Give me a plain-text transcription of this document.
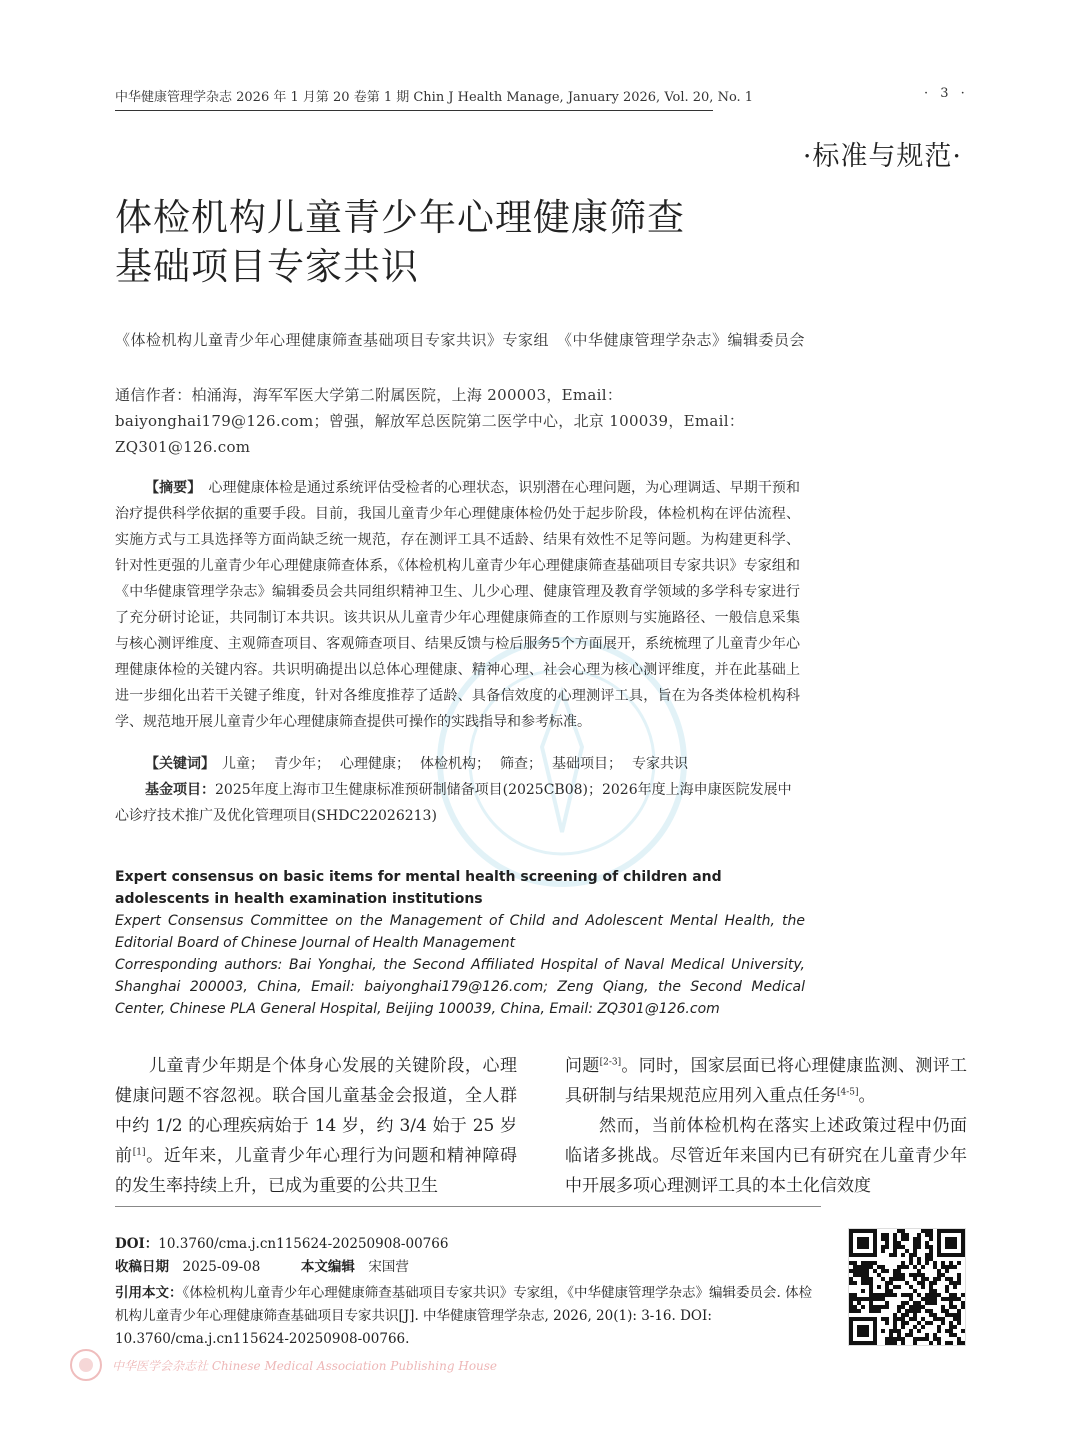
中华健康管理学杂志 2026 年 1 月第 20 卷第 1 期 Chin J Health Manage, January 2026, Vol. 20, No. 1	· 3 ·
·标准与规范·
体检机构儿童青少年心理健康筛查
基础项目专家共识
《体检机构儿童青少年心理健康筛查基础项目专家共识》专家组　《中华健康管理学杂志》编辑委员会
通信作者：柏涌海，海军军医大学第二附属医院，上海 200003，Email：baiyonghai179@126.com；曾强，解放军总医院第二医学中心，北京 100039，Email：ZQ301@126.com
【摘要】　 心理健康体检是通过系统评估受检者的心理状态，识别潜在心理问题，为心理调适、早期干预和治疗提供科学依据的重要手段。目前，我国儿童青少年心理健康体检仍处于起步阶段，体检机构在评估流程、实施方式与工具选择等方面尚缺乏统一规范，存在测评工具不适龄、结果有效性不足等问题。为构建更科学、针对性更强的儿童青少年心理健康筛查体系，《体检机构儿童青少年心理健康筛查基础项目专家共识》专家组和《中华健康管理学杂志》编辑委员会共同组织精神卫生、儿少心理、健康管理及教育学领域的多学科专家进行了充分研讨论证，共同制订本共识。该共识从儿童青少年心理健康筛查的工作原则与实施路径、一般信息采集与核心测评维度、主观筛查项目、客观筛查项目、结果反馈与检后服务5个方面展开，系统梳理了儿童青少年心理健康体检的关键内容。共识明确提出以总体心理健康、精神心理、社会心理为核心测评维度，并在此基础上进一步细化出若干关键子维度，针对各维度推荐了适龄、具备信效度的心理测评工具，旨在为各类体检机构科学、规范地开展儿童青少年心理健康筛查提供可操作的实践指导和参考标准。
【关键词】　 儿童； 青少年； 心理健康； 体检机构； 筛查； 基础项目； 专家共识
基金项目：2025年度上海市卫生健康标准预研制储备项目(2025CB08)；2026年度上海申康医院发展中心诊疗技术推广及优化管理项目(SHDC22026213)
Expert consensus on basic items for mental health screening of children and adolescents in health examination institutions
Expert Consensus Committee on the Management of Child and Adolescent Mental Health, the Editorial Board of Chinese Journal of Health Management
Corresponding authors: Bai Yonghai, the Second Affiliated Hospital of Naval Medical University, Shanghai 200003, China, Email: baiyonghai179@126.com; Zeng Qiang, the Second Medical Center, Chinese PLA General Hospital, Beijing 100039, China, Email: ZQ301@126.com
儿童青少年期是个体身心发展的关键阶段，心理健康问题不容忽视。联合国儿童基金会报道，全人群中约 1/2 的心理疾病始于 14 岁，约 3/4 始于 25 岁前[1]。近年来，儿童青少年心理行为问题和精神障碍的发生率持续上升，已成为重要的公共卫生

问题[2-3]。同时，国家层面已将心理健康监测、测评工具研制与结果规范应用列入重点任务[4-5]。

然而，当前体检机构在落实上述政策过程中仍面临诸多挑战。尽管近年来国内已有研究在儿童青少年中开展多项心理测评工具的本土化信效度

DOI：10.3760/cma.j.cn115624-20250908-00766
收稿日期　 2025-09-08　　　	本文编辑　 宋国营
引用本文：《体检机构儿童青少年心理健康筛查基础项目专家共识》专家组，《中华健康管理学杂志》编辑委员会. 体检机构儿童青少年心理健康筛查基础项目专家共识[J]. 中华健康管理学杂志, 2026, 20(1): 3-16. DOI: 10.3760/cma.j.cn115624-20250908-00766.
中华医学会杂志社 Chinese Medical Association Publishing House
